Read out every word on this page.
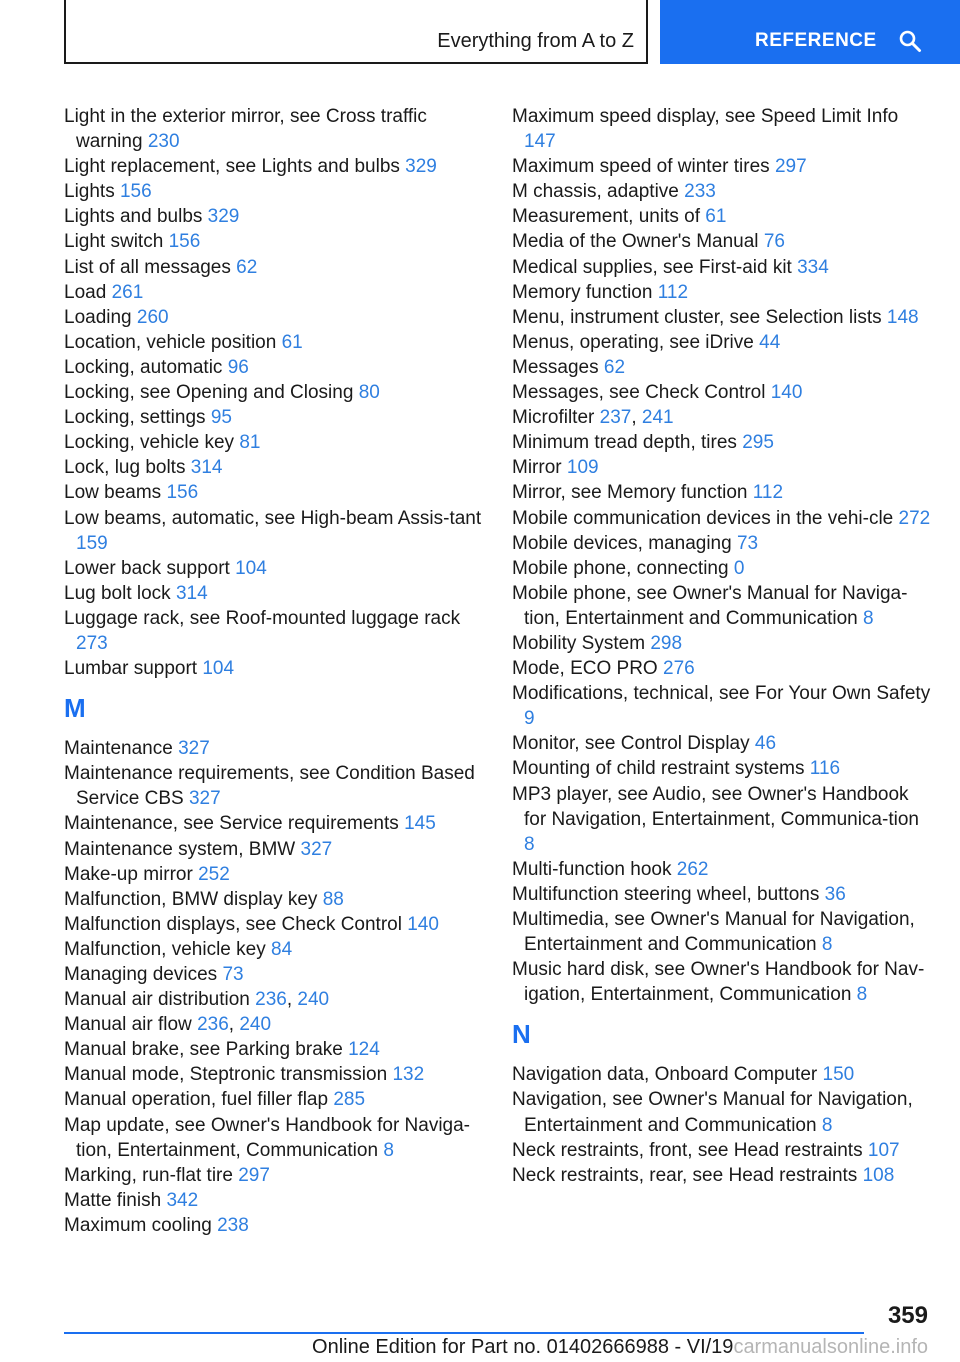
Everything from A to Z	REFERENCE
Light in the exterior mirror, see Cross traffic warning 230
Light replacement, see Lights and bulbs 329
Lights 156
Lights and bulbs 329
Light switch 156
List of all messages 62
Load 261
Loading 260
Location, vehicle position 61
Locking, automatic 96
Locking, see Opening and Closing 80
Locking, settings 95
Locking, vehicle key 81
Lock, lug bolts 314
Low beams 156
Low beams, automatic, see High-beam Assis-tant 159
Lower back support 104
Lug bolt lock 314
Luggage rack, see Roof-mounted luggage rack 273
Lumbar support 104
M
Maintenance 327
Maintenance requirements, see Condition Based Service CBS 327
Maintenance, see Service requirements 145
Maintenance system, BMW 327
Make-up mirror 252
Malfunction, BMW display key 88
Malfunction displays, see Check Control 140
Malfunction, vehicle key 84
Managing devices 73
Manual air distribution 236, 240
Manual air flow 236, 240
Manual brake, see Parking brake 124
Manual mode, Steptronic transmission 132
Manual operation, fuel filler flap 285
Map update, see Owner's Handbook for Naviga-tion, Entertainment, Communication 8
Marking, run-flat tire 297
Matte finish 342
Maximum cooling 238
Maximum speed display, see Speed Limit Info 147
Maximum speed of winter tires 297
M chassis, adaptive 233
Measurement, units of 61
Media of the Owner's Manual 76
Medical supplies, see First-aid kit 334
Memory function 112
Menu, instrument cluster, see Selection lists 148
Menus, operating, see iDrive 44
Messages 62
Messages, see Check Control 140
Microfilter 237, 241
Minimum tread depth, tires 295
Mirror 109
Mirror, see Memory function 112
Mobile communication devices in the vehi-cle 272
Mobile devices, managing 73
Mobile phone, connecting 0
Mobile phone, see Owner's Manual for Naviga-tion, Entertainment and Communication 8
Mobility System 298
Mode, ECO PRO 276
Modifications, technical, see For Your Own Safety 9
Monitor, see Control Display 46
Mounting of child restraint systems 116
MP3 player, see Audio, see Owner's Handbook for Navigation, Entertainment, Communica-tion 8
Multi-function hook 262
Multifunction steering wheel, buttons 36
Multimedia, see Owner's Manual for Navigation, Entertainment and Communication 8
Music hard disk, see Owner's Handbook for Nav-igation, Entertainment, Communication 8
N
Navigation data, Onboard Computer 150
Navigation, see Owner's Manual for Navigation, Entertainment and Communication 8
Neck restraints, front, see Head restraints 107
Neck restraints, rear, see Head restraints 108
359
Online Edition for Part no. 01402666988 - VI/19carmanualsonline.info
